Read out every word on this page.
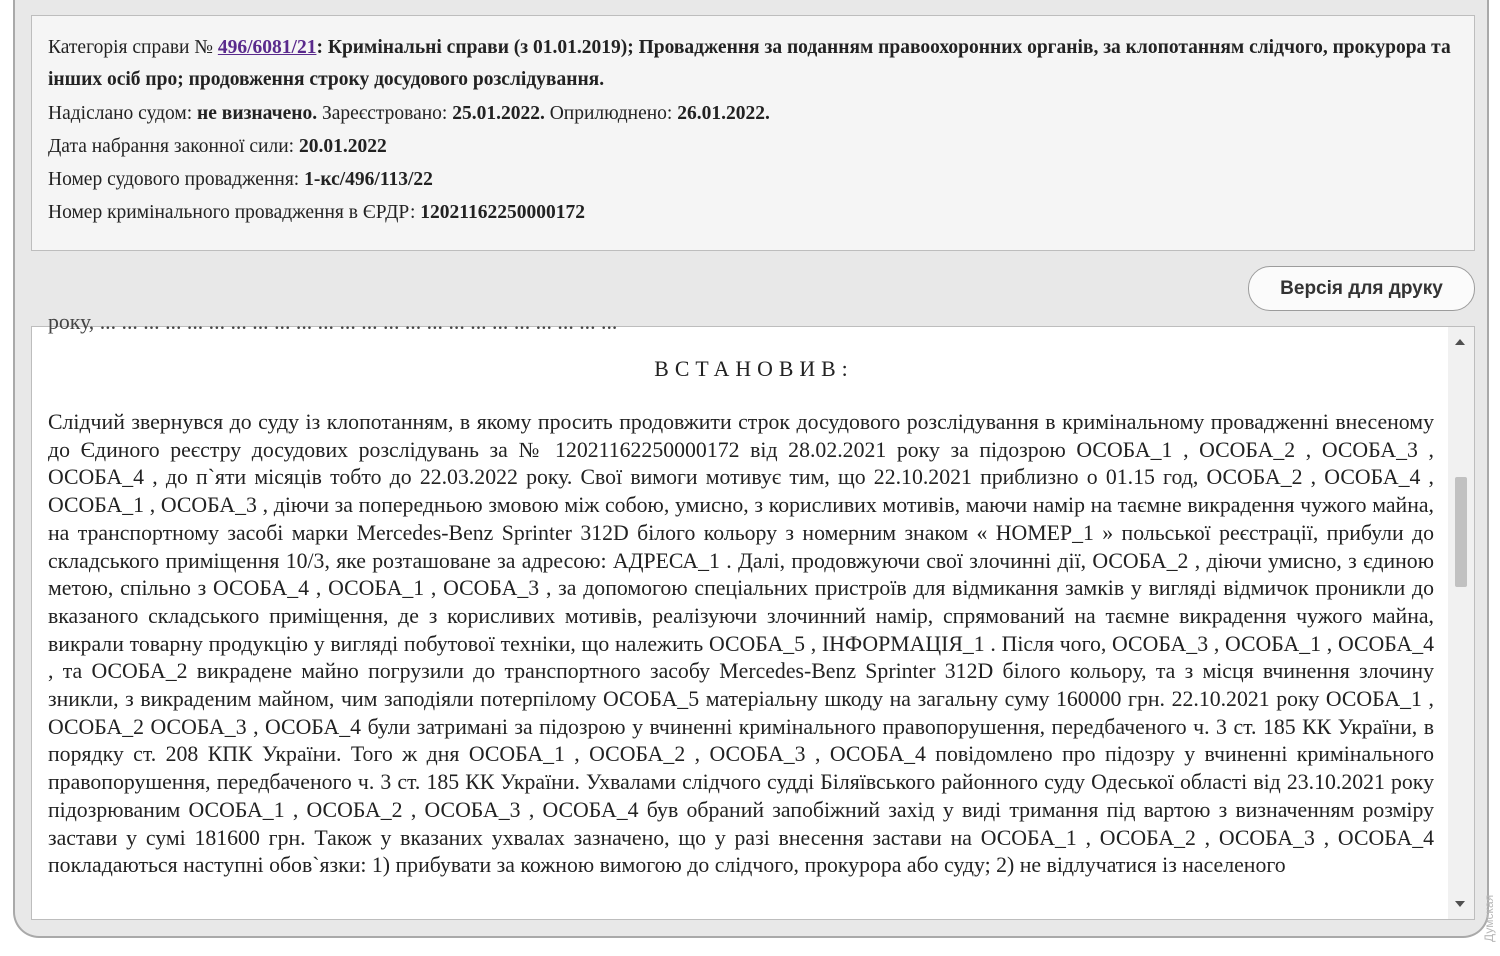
Категорія справи № 496/6081/21: Кримінальні справи (з 01.01.2019); Провадження за поданням правоохоронних органів, за клопотанням слідчого, прокурора та інших осіб про; продовження строку досудового розслідування.
Надіслано судом: не визначено. Зареєстровано: 25.01.2022. Оприлюднено: 26.01.2022.
Дата набрання законної сили: 20.01.2022
Номер судового провадження: 1-кс/496/113/22
Номер кримінального провадження в ЄРДР: 12021162250000172
Версія для друку
року, ... ... ... ... ... ... ... ... ... ... ... ... ... ... ... ... ... ... ... ... ... ... ... ...
ВСТАНОВИВ:
Слідчий звернувся до суду із клопотанням, в якому просить продовжити строк досудового розслідування в кримінальному провадженні внесеному до Єдиного реєстру досудових розслідувань за № 12021162250000172 від 28.02.2021 року за підозрою ОСОБА_1 , ОСОБА_2 , ОСОБА_3 , ОСОБА_4 , до п`яти місяців тобто до 22.03.2022 року. Свої вимоги мотивує тим, що 22.10.2021 приблизно о 01.15 год, ОСОБА_2 , ОСОБА_4 , ОСОБА_1 , ОСОБА_3 , діючи за попередньою змовою між собою, умисно, з корисливих мотивів, маючи намір на таємне викрадення чужого майна, на транспортному засобі марки Mercedes-Benz Sprinter 312D білого кольору з номерним знаком « НОМЕР_1 » польської реєстрації, прибули до складського приміщення 10/3, яке розташоване за адресою: АДРЕСА_1 . Далі, продовжуючи свої злочинні дії, ОСОБА_2 , діючи умисно, з єдиною метою, спільно з ОСОБА_4 , ОСОБА_1 , ОСОБА_3 , за допомогою спеціальних пристроїв для відмикання замків у вигляді відмичок проникли до вказаного складського приміщення, де з корисливих мотивів, реалізуючи злочинний намір, спрямований на таємне викрадення чужого майна, викрали товарну продукцію у вигляді побутової техніки, що належить ОСОБА_5 , ІНФОРМАЦІЯ_1 . Після чого, ОСОБА_3 , ОСОБА_1 , ОСОБА_4 , та ОСОБА_2 викрадене майно погрузили до транспортного засобу Mercedes-Benz Sprinter 312D білого кольору, та з місця вчинення злочину зникли, з викраденим майном, чим заподіяли потерпілому ОСОБА_5 матеріальну шкоду на загальну суму 160000 грн. 22.10.2021 року ОСОБА_1 , ОСОБА_2 ОСОБА_3 , ОСОБА_4 були затримані за підозрою у вчиненні кримінального правопорушення, передбаченого ч. 3 ст. 185 КК України, в порядку ст. 208 КПК України. Того ж дня ОСОБА_1 , ОСОБА_2 , ОСОБА_3 , ОСОБА_4 повідомлено про підозру у вчиненні кримінального правопорушення, передбаченого ч. 3 ст. 185 КК України. Ухвалами слідчого судді Біляївського районного суду Одеської області від 23.10.2021 року підозрюваним ОСОБА_1 , ОСОБА_2 , ОСОБА_3 , ОСОБА_4 був обраний запобіжний захід у виді тримання під вартою з визначенням розміру застави у сумі 181600 грн. Також у вказаних ухвалах зазначено, що у разі внесення застави на ОСОБА_1 , ОСОБА_2 , ОСОБА_3 , ОСОБА_4 покладаються наступні обов`язки: 1) прибувати за кожною вимогою до слідчого, прокурора або суду; 2) не відлучатися із населеного
Думская
